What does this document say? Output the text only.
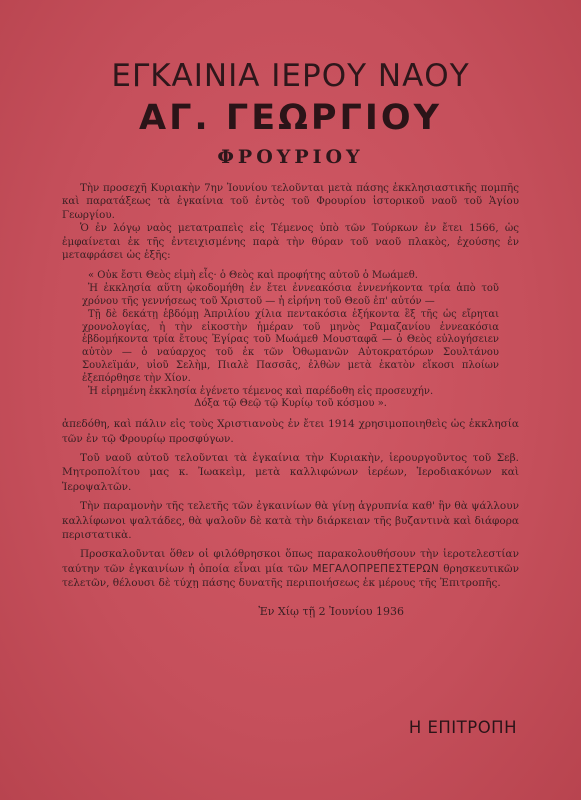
ΕΓΚΑΙΝΙΑ ΙΕΡΟΥ ΝΑΟΥ
ΑΓ. ΓΕΩΡΓΙΟΥ
ΦΡΟΥΡΙΟΥ

Τὴν προσεχῆ Κυριακὴν 7ην Ἰουνίου τελοῦνται μετὰ πάσης ἐκκλησιαστικῆς πομπῆς καὶ παρατάξεως τὰ ἐγκαίνια τοῦ ἐντὸς τοῦ Φρουρίου ἱστορικοῦ ναοῦ τοῦ Ἁγίου Γεωργίου.

Ὁ ἐν λόγῳ ναὸς μετατραπεὶς εἰς Τέμενος ὑπὸ τῶν Τούρκων ἐν ἔτει 1566, ὡς ἐμφαίνεται ἐκ τῆς ἐντειχισμένης παρὰ τὴν θύραν τοῦ ναοῦ πλακὸς, ἐχούσης ἐν μεταφράσει ὡς ἑξῆς:

« Οὐκ ἔστι Θεὸς εἰμὴ εἷς· ὁ Θεὸς καὶ προφήτης αὐτοῦ ὁ Μωάμεθ.

Ἡ ἐκκλησία αὕτη ᾠκοδομήθη ἐν ἔτει ἐννεακόσια ἐννενήκοντα τρία ἀπὸ τοῦ χρόνου τῆς γεννήσεως τοῦ Χριστοῦ — ἡ εἰρήνη τοῦ Θεοῦ ἐπ' αὐτόν —

Τῇ δὲ δεκάτῃ ἑβδόμῃ Ἀπριλίου χίλια πεντακόσια ἑξήκοντα ἓξ τῆς ὡς εἴρηται χρονολογίας, ἡ τὴν εἰκοστὴν ἡμέραν τοῦ μηνὸς Ραμαζανίου ἐννεακόσια ἑβδομήκοντα τρία ἔτους Ἐγίρας τοῦ Μωάμεθ Μουσταφᾶ — ὁ Θεὸς εὐλογήσειεν αὐτὸν — ὁ ναύαρχος τοῦ ἐκ τῶν Ὀθωμανῶν Αὐτοκρατόρων Σουλτάνου Σουλεϊμάν, υἱοῦ Σελὴμ, Πιαλὲ Πασσᾶς, ἐλθὼν μετὰ ἑκατὸν εἴκοσι πλοίων ἐξεπόρθησε τὴν Χίον.

Ἡ εἰρημένη ἐκκλησία ἐγένετο τέμενος καὶ παρέδοθη εἰς προσευχήν.

Δόξα τῷ Θεῷ τῷ Κυρίῳ τοῦ κόσμου ».

ἀπεδόθη, καὶ πάλιν εἰς τοὺς Χριστιανοὺς ἐν ἔτει 1914 χρησιμοποιηθεὶς ὡς ἐκκλησία τῶν ἐν τῷ Φρουρίῳ προσφύγων.

Τοῦ ναοῦ αὐτοῦ τελοῦνται τὰ ἐγκαίνια τὴν Κυριακὴν, ἱερουργοῦντος τοῦ Σεβ. Μητροπολίτου μας κ. Ἰωακεὶμ, μετὰ καλλιφώνων ἱερέων, Ἱεροδιακόνων καὶ Ἱεροψαλτῶν.

Τὴν παραμονὴν τῆς τελετῆς τῶν ἐγκαινίων θὰ γίνῃ ἀγρυπνία καθ' ἣν θὰ ψάλλουν καλλίφωνοι ψαλτάδες, θὰ ψαλοῦν δὲ κατὰ τὴν διάρκειαν τῆς βυζαντινὰ καὶ διάφορα περιστατικὰ.

Προσκαλοῦνται ὅθεν οἱ φιλόθρησκοι ὅπως παρακολουθήσουν τὴν ἱεροτελεστίαν ταύτην τῶν ἐγκαινίων ἡ ὁποία εἶναι μία τῶν ΜΕΓΑΛΟΠΡΕΠΕΣΤΕΡΩΝ θρησκευτικῶν τελετῶν, θέλουσι δὲ τύχῃ πάσης δυνατῆς περιποιήσεως ἐκ μέρους τῆς Ἐπιτροπῆς.

Ἐν Χίῳ τῇ 2 Ἰουνίου 1936
Η ΕΠΙΤΡΟΠΗ
